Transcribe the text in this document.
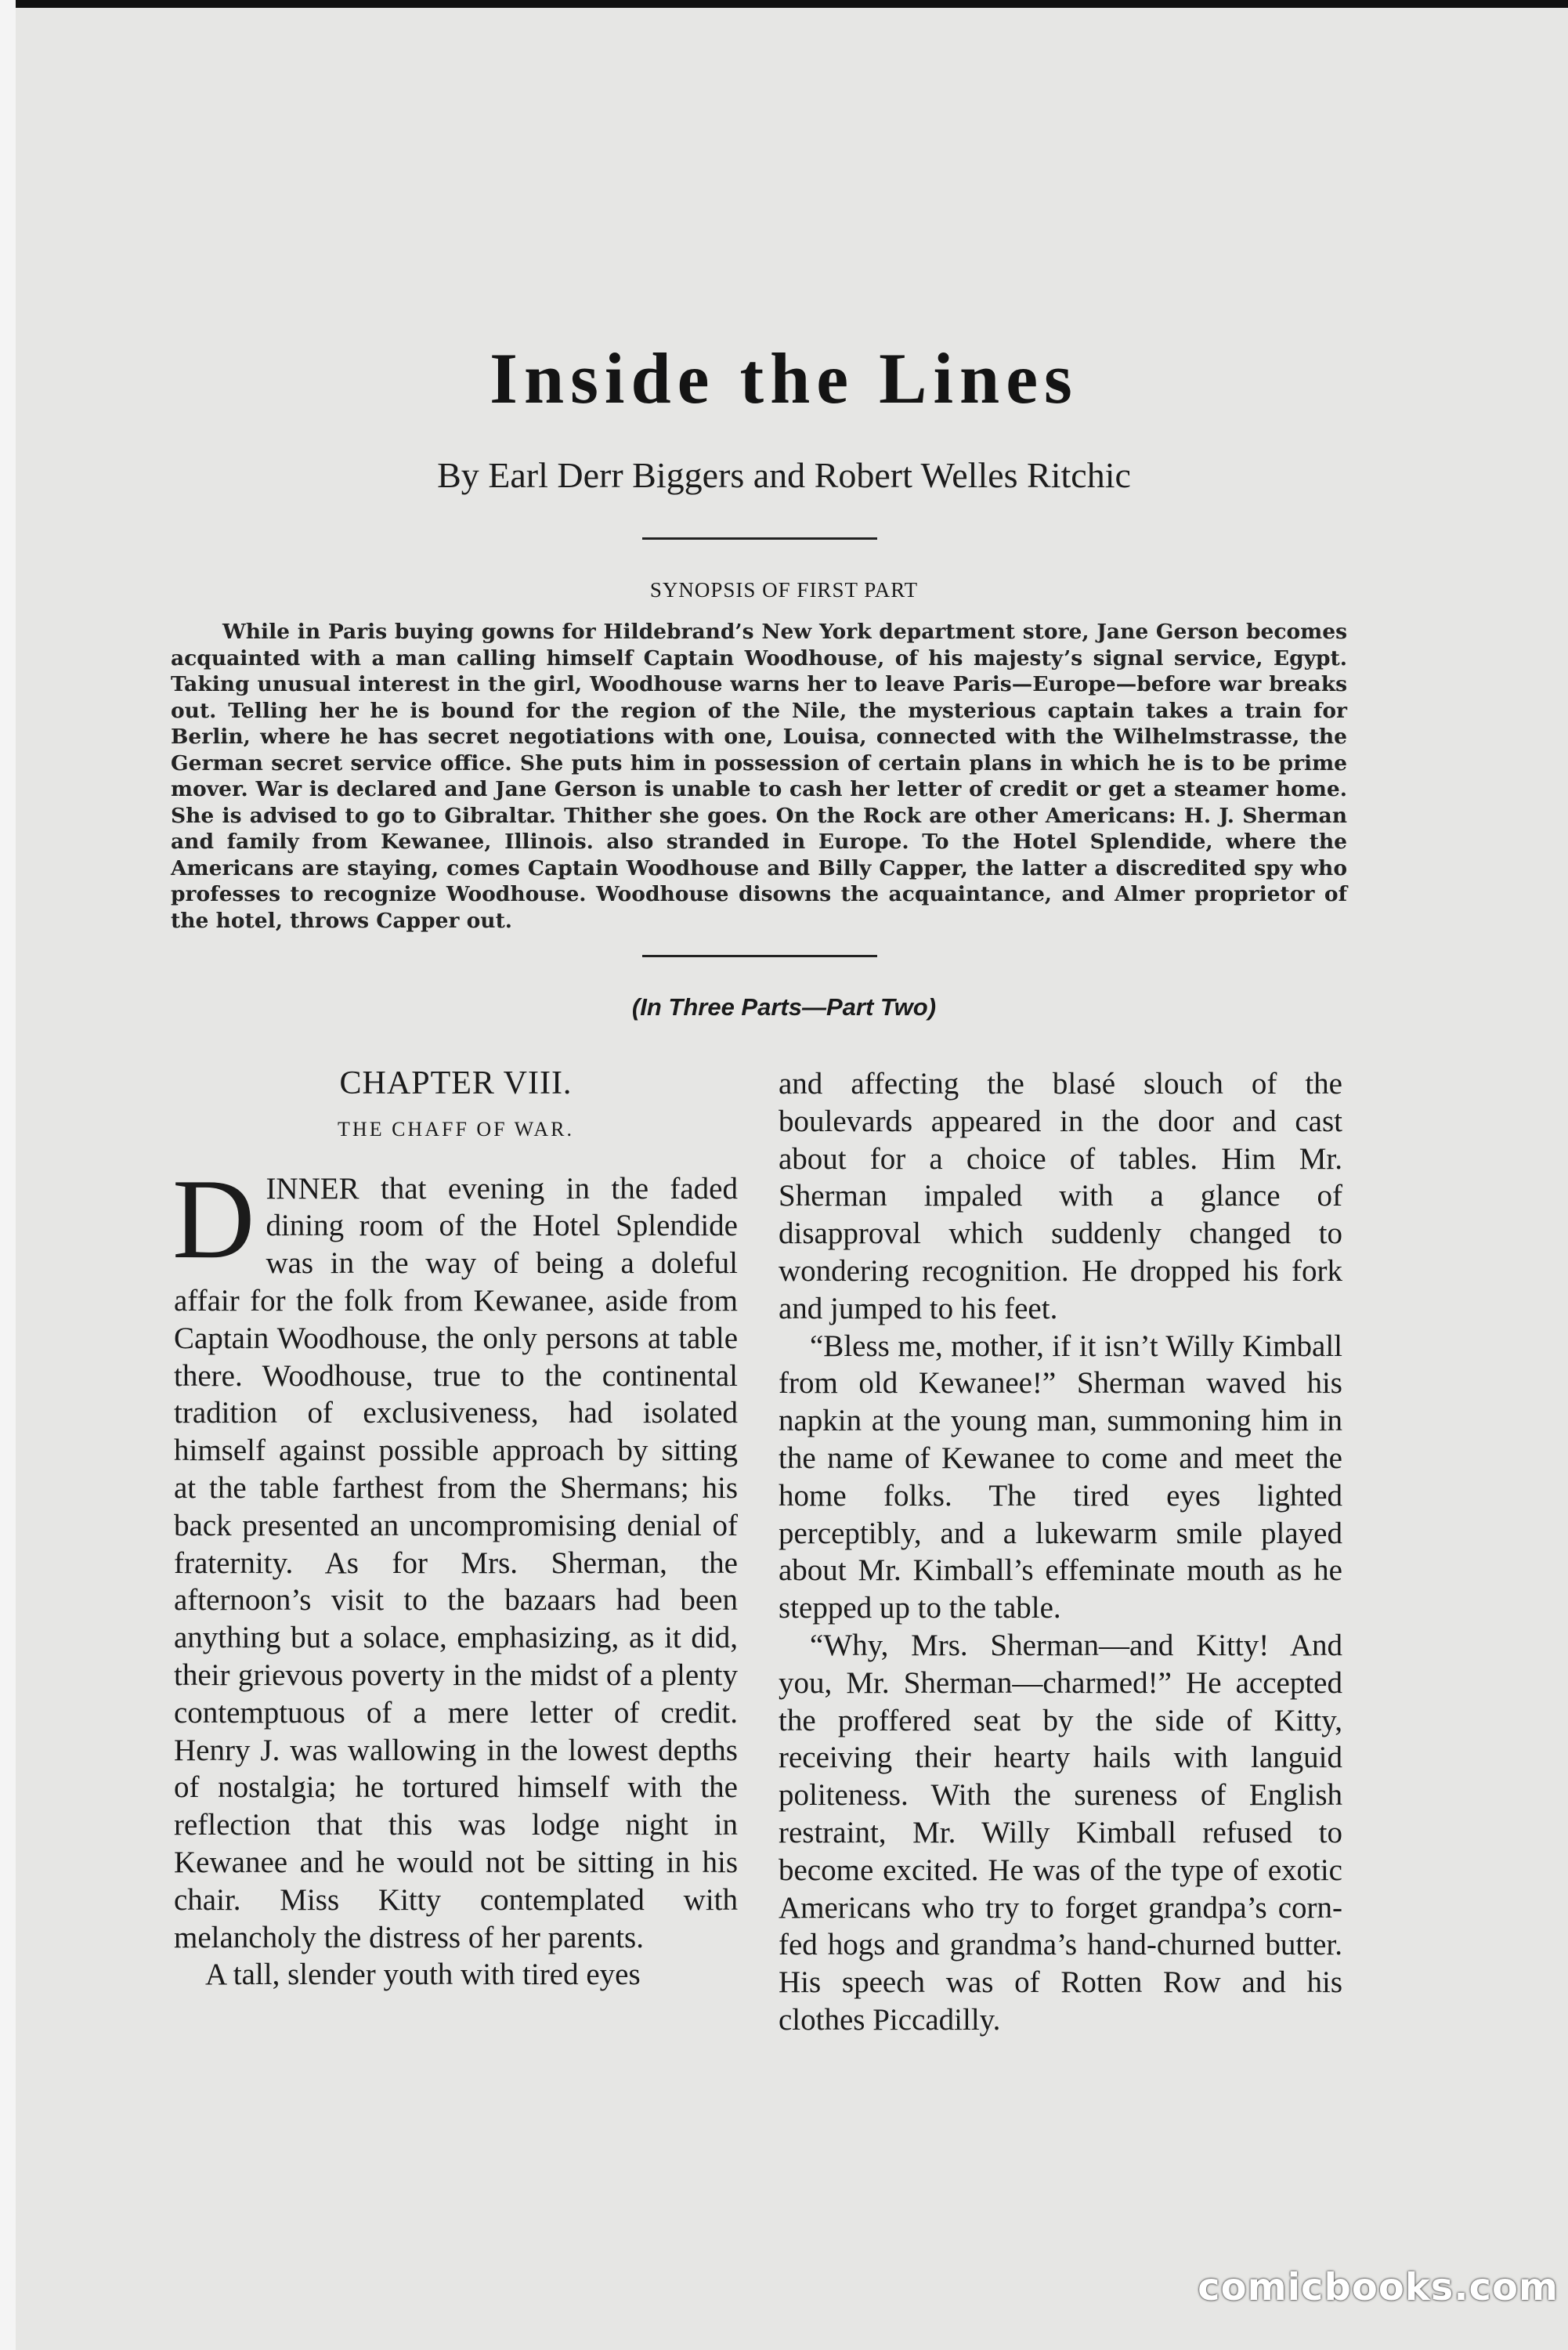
Inside the Lines
By Earl Derr Biggers and Robert Welles Ritchic
SYNOPSIS OF FIRST PART
While in Paris buying gowns for Hildebrand’s New York department store, Jane Gerson becomes acquainted with a man calling himself Captain Woodhouse, of his majesty’s signal service, Egypt. Taking unusual interest in the girl, Woodhouse warns her to leave Paris—Europe—before war breaks out. Telling her he is bound for the region of the Nile, the mysterious captain takes a train for Berlin, where he has secret negotiations with one, Louisa, connected with the Wilhelmstrasse, the German secret service office. She puts him in possession of certain plans in which he is to be prime mover. War is declared and Jane Gerson is unable to cash her letter of credit or get a steamer home. She is advised to go to Gibraltar. Thither she goes. On the Rock are other Americans: H. J. Sherman and family from Kewanee, Illinois. also stranded in Europe. To the Hotel Splendide, where the Americans are staying, comes Captain Woodhouse and Billy Capper, the latter a discredited spy who professes to recognize Woodhouse. Woodhouse disowns the acquaintance, and Almer proprietor of the hotel, throws Capper out.
(In Three Parts—Part Two)
CHAPTER VIII.
THE CHAFF OF WAR.

DINNER that evening in the faded dining room of the Hotel Splendide was in the way of being a doleful affair for the folk from Kewanee, aside from Captain Woodhouse, the only persons at table there. Woodhouse, true to the continental tradition of exclusiveness, had isolated himself against possible approach by sitting at the table farthest from the Shermans; his back presented an uncompromising denial of fraternity. As for Mrs. Sherman, the afternoon’s visit to the bazaars had been anything but a solace, emphasizing, as it did, their grievous poverty in the midst of a plenty contemptuous of a mere letter of credit. Henry J. was wallowing in the lowest depths of nostalgia; he tortured himself with the reflection that this was lodge night in Kewanee and he would not be sitting in his chair. Miss Kitty contemplated with melancholy the distress of her parents.

A tall, slender youth with tired eyes

and affecting the blasé slouch of the boulevards appeared in the door and cast about for a choice of tables. Him Mr. Sherman impaled with a glance of disapproval which suddenly changed to wondering recognition. He dropped his fork and jumped to his feet.

“Bless me, mother, if it isn’t Willy Kimball from old Kewanee!” Sherman waved his napkin at the young man, summoning him in the name of Kewanee to come and meet the home folks. The tired eyes lighted perceptibly, and a lukewarm smile played about Mr. Kimball’s effeminate mouth as he stepped up to the table.

“Why, Mrs. Sherman—and Kitty! And you, Mr. Sherman—charmed!” He accepted the proffered seat by the side of Kitty, receiving their hearty hails with languid politeness. With the sureness of English restraint, Mr. Willy Kimball refused to become excited. He was of the type of exotic Americans who try to forget grandpa’s corn-fed hogs and grandma’s hand-churned butter. His speech was of Rotten Row and his clothes Piccadilly.

comicbooks.com
